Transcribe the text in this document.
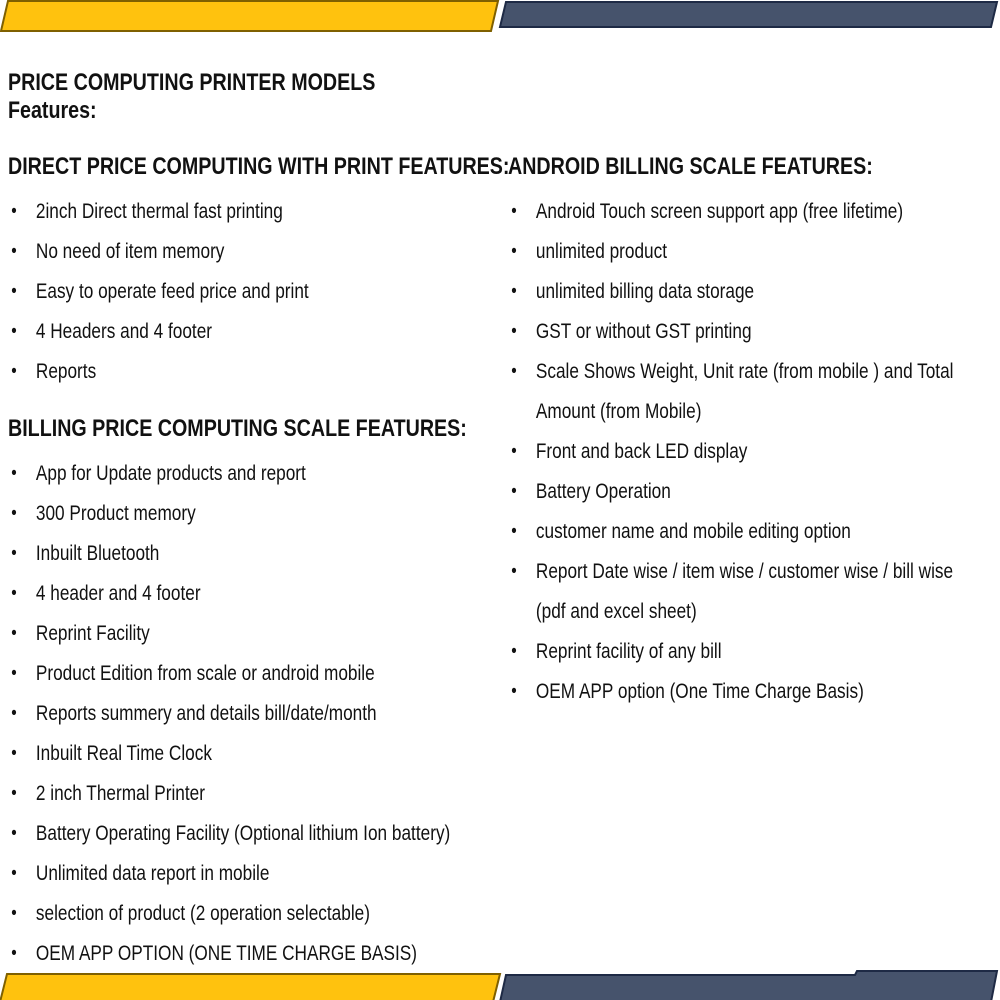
PRICE COMPUTING PRINTER MODELS
Features:
DIRECT PRICE COMPUTING WITH PRINT FEATURES:
• 2inch Direct thermal fast printing
• No need of item memory
• Easy to operate feed price and print
• 4 Headers and 4 footer
• Reports
BILLING PRICE COMPUTING SCALE FEATURES:
• App for Update products and report
• 300 Product memory
• Inbuilt Bluetooth
• 4 header and 4 footer
• Reprint Facility
• Product Edition from scale or android mobile
• Reports summery and details bill/date/month
• Inbuilt Real Time Clock
• 2 inch Thermal Printer
• Battery Operating Facility (Optional lithium Ion battery)
• Unlimited data report in mobile
• selection of product (2 operation selectable)
• OEM APP OPTION (ONE TIME CHARGE BASIS)
ANDROID BILLING SCALE FEATURES:
• Android Touch screen support app (free lifetime)
• unlimited product
• unlimited billing data storage
• GST or without GST printing
• Scale Shows Weight, Unit rate (from mobile ) and Total Amount (from Mobile)
• Front and back LED display
• Battery Operation
• customer name and mobile editing option
• Report Date wise / item wise / customer wise / bill wise (pdf and excel sheet)
• Reprint facility of any bill
• OEM APP option (One Time Charge Basis)
